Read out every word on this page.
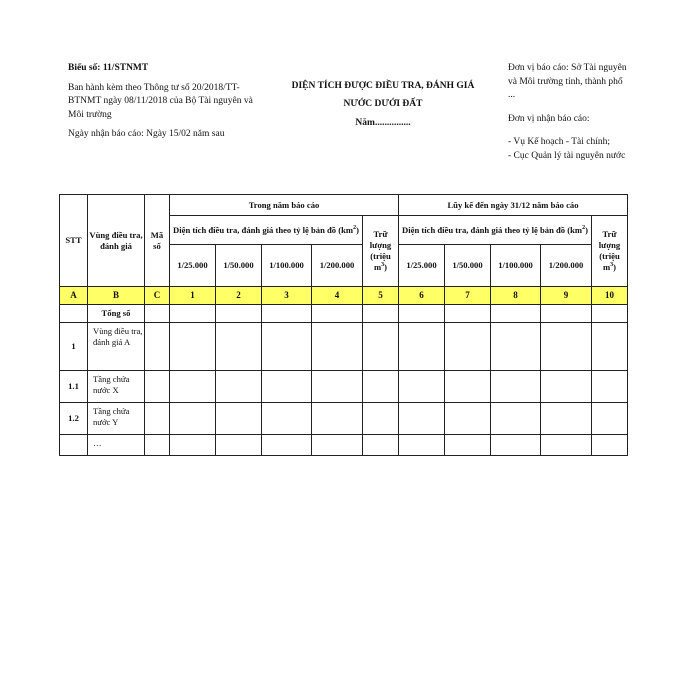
Biểu số: 11/STNMT

Ban hành kèm theo Thông tư số 20/2018/TT-BTNMT ngày 08/11/2018 của Bộ Tài nguyên và Môi trường

Ngày nhận báo cáo: Ngày 15/02 năm sau

DIỆN TÍCH ĐƯỢC ĐIỀU TRA, ĐÁNH GIÁ

NƯỚC DƯỚI ĐẤT

Năm...............

Đơn vị báo cáo: Sở Tài nguyên và Môi trường tỉnh, thành phố ...

Đơn vị nhận báo cáo:

- Vụ Kế hoạch - Tài chính;

- Cục Quản lý tài nguyên nước

STT	Vùng điều tra, đánh giá	Mã số	Trong năm báo cáo					Lũy kế đến ngày 31/12 năm báo cáo				
			Diện tích điều tra, đánh giá theo tỷ lệ bản đồ $(km^2)$				Trữ lượng (triệu $m^3$)	Diện tích điều tra, đánh giá theo tỷ lệ bản đồ $(km^2)$				Trữ lượng (triệu $m^3$)
			1/25.000	1/50.000	1/100.000	1/200.000		1/25.000	1/50.000	1/100.000	1/200.000	
A	B	C	1	2	3	4	5	6	7	8	9	10
	Tổng số											
1	Vùng điều tra, đánh giá A											
1.1	Tầng chứa nước X											
1.2	Tầng chứa nước Y											
	…											
